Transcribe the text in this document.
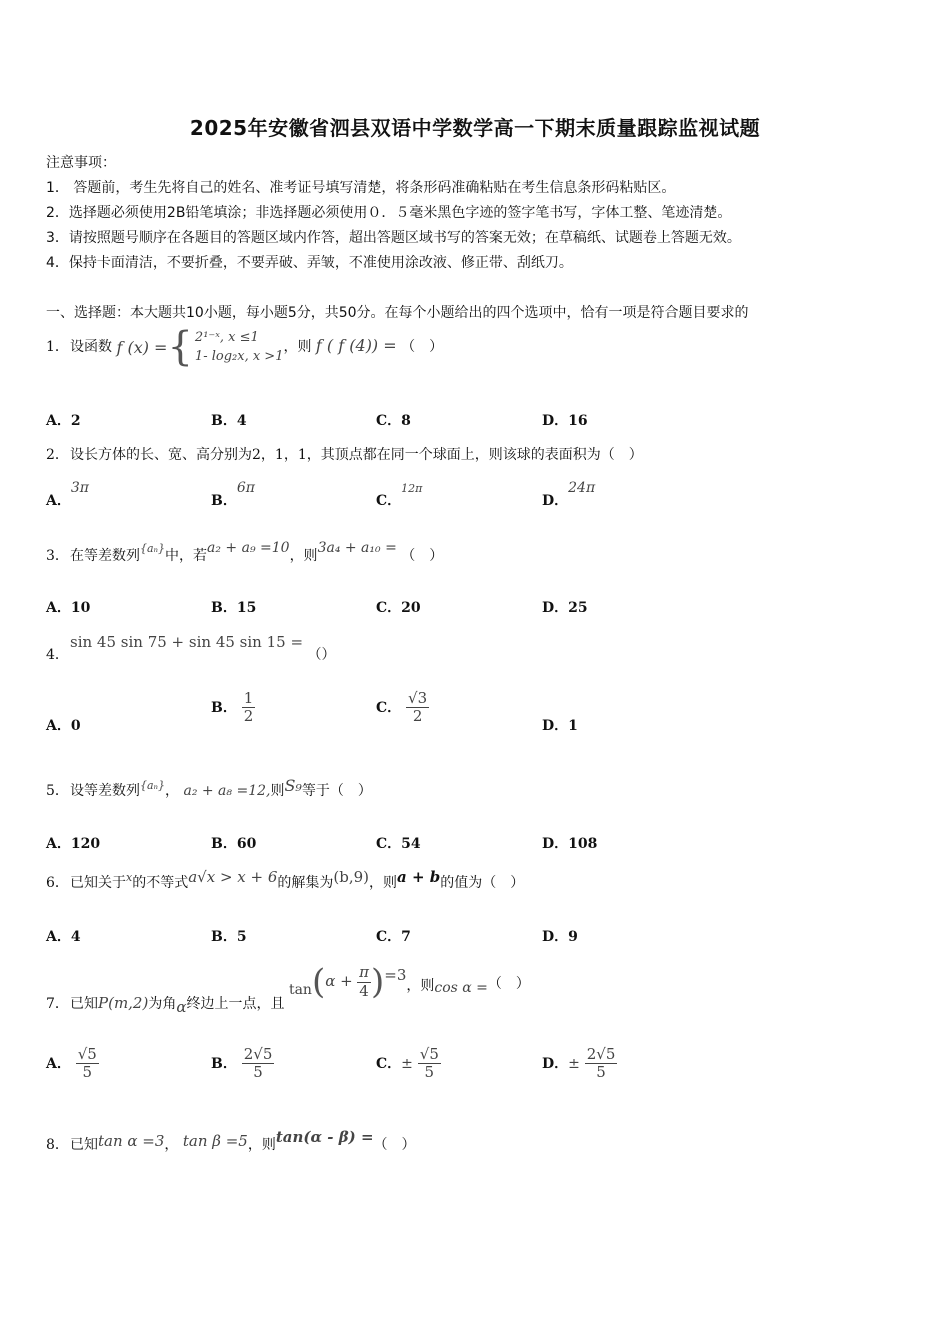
2025年安徽省泗县双语中学数学高一下期末质量跟踪监视试题
注意事项：
1． 答题前，考生先将自己的姓名、准考证号填写清楚，将条形码准确粘贴在考生信息条形码粘贴区。
2．选择题必须使用2B铅笔填涂；非选择题必须使用０．５毫米黑色字迹的签字笔书写，字体工整、笔迹清楚。
3．请按照题号顺序在各题目的答题区域内作答，超出答题区域书写的答案无效；在草稿纸、试题卷上答题无效。
4．保持卡面清洁，不要折叠，不要弄破、弄皱，不准使用涂改液、修正带、刮纸刀。
一、选择题：本大题共10小题，每小题5分，共50分。在每个小题给出的四个选项中，恰有一项是符合题目要求的
1．设函数 f (x) = { 2¹⁻ˣ, x ≤1
1- log₂x, x >1
，则 f ( f (4)) = （　）
A．2	B．4	C．8	D．16
2．设长方体的长、宽、高分别为2，1，1，其顶点都在同一个球面上，则该球的表面积为（　）
A．3π
B．6π
C．$^{12\pi}$
D．24π
3．在等差数列$^{\{a_n\}}$中，若a₂ + a₉ =10，则3a₄ + a₁₀ = （　）
A．10	B．15	C．20	D．25
4．sin 45 sin 75 + sin 45 sin 15 = （）
A．0
B． $\frac{1}{2}$	C． $\frac{√3}{2}$
D．1
5．设等差数列$^{\{a_n\}}$， a₂ + a₈ =12,则S₉等于（　）
A．120	B．60	C．54	D．108
6．已知关于$^x$的不等式a√x > x + 6的解集为(b,9)，则a + b的值为（　）
A．4	B．5	C．7	D．9
7．已知P(m,2)为角α终边上一点，且 $\tan(\alpha + \frac{\pi}{4} )=3$，则cos α =（　）
A． $\frac{√5}{5}$	B． $\frac{2√5}{5}$	C．± $\frac{√5}{5}$	D．± $\frac{2√5}{5}$
8．已知tan α =3， tan β =5，则tan(α - β) =（　）
